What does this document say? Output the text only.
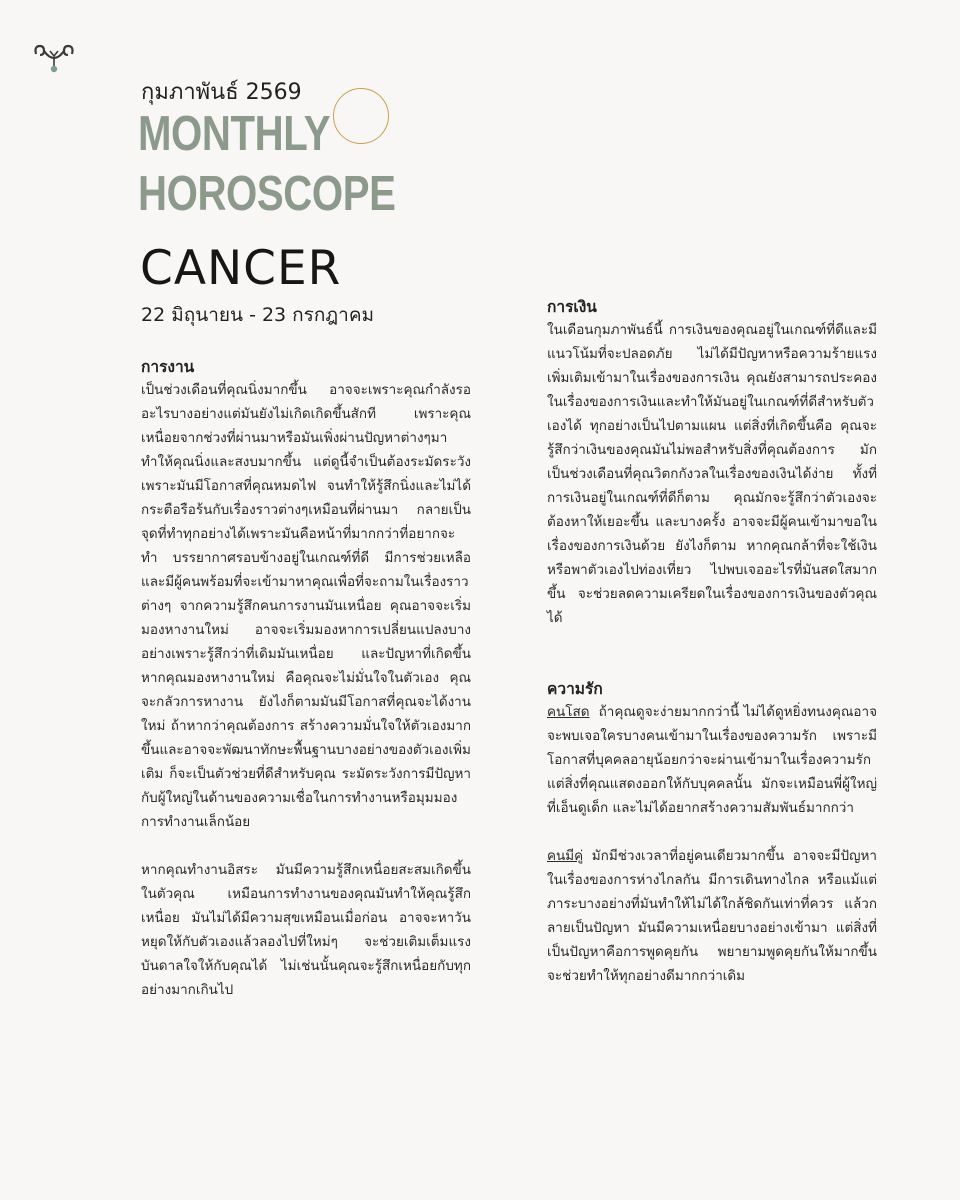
กุมภาพันธ์ 2569
MONTHLY
HOROSCOPE
CANCER
22 มิถุนายน - 23 กรกฎาคม
การงาน
เป็นช่วงเดือนที่คุณนิ่งมากขึ้น อาจจะเพราะคุณกำลังรออะไรบางอย่างแต่มันยังไม่เกิดเกิดขึ้นสักที เพราะคุณเหนื่อยจากช่วงที่ผ่านมาหรือมันเพิ่งผ่านปัญหาต่างๆมา ทำให้คุณนิ่งและสงบมากขึ้น แต่ดูนี้จำเป็นต้องระมัดระวัง เพราะมันมีโอกาสที่คุณหมดไฟ จนทำให้รู้สึกนิ่งและไม่ได้กระตือรือร้นกับเรื่องราวต่างๆเหมือนที่ผ่านมา กลายเป็นจุดที่ทำทุกอย่างได้เพราะมันคือหน้าที่มากกว่าที่อยากจะทำ บรรยากาศรอบข้างอยู่ในเกณฑ์ที่ดี มีการช่วยเหลือและมีผู้คนพร้อมที่จะเข้ามาหาคุณเพื่อที่จะถามในเรื่องราวต่างๆ จากความรู้สึกคนการงานมันเหนื่อย คุณอาจจะเริ่มมองหางานใหม่ อาจจะเริ่มมองหาการเปลี่ยนแปลงบางอย่างเพราะรู้สึกว่าที่เดิมมันเหนื่อย และปัญหาที่เกิดขึ้นหากคุณมองหางานใหม่ คือคุณจะไม่มั่นใจในตัวเอง คุณจะกลัวการหางาน ยังไงก็ตามมันมีโอกาสที่คุณจะได้งานใหม่ ถ้าหากว่าคุณต้องการ สร้างความมั่นใจให้ตัวเองมากขึ้นและอาจจะพัฒนาทักษะพื้นฐานบางอย่างของตัวเองเพิ่มเติม ก็จะเป็นตัวช่วยที่ดีสำหรับคุณ ระมัดระวังการมีปัญหากับผู้ใหญ่ในด้านของความเชื่อในการทำงานหรือมุมมองการทำงานเล็กน้อย
หากคุณทำงานอิสระ มันมีความรู้สึกเหนื่อยสะสมเกิดขึ้นในตัวคุณ เหมือนการทำงานของคุณมันทำให้คุณรู้สึกเหนื่อย มันไม่ได้มีความสุขเหมือนเมื่อก่อน อาจจะหาวันหยุดให้กับตัวเองแล้วลองไปที่ใหม่ๆ จะช่วยเติมเต็มแรงบันดาลใจให้กับคุณได้ ไม่เช่นนั้นคุณจะรู้สึกเหนื่อยกับทุกอย่างมากเกินไป
การเงิน
ในเดือนกุมภาพันธ์นี้ การเงินของคุณอยู่ในเกณฑ์ที่ดีและมีแนวโน้มที่จะปลอดภัย ไม่ได้มีปัญหาหรือความร้ายแรงเพิ่มเติมเข้ามาในเรื่องของการเงิน คุณยังสามารถประคองในเรื่องของการเงินและทำให้มันอยู่ในเกณฑ์ที่ดีสำหรับตัวเองได้ ทุกอย่างเป็นไปตามแผน แต่สิ่งที่เกิดขึ้นคือ คุณจะรู้สึกว่าเงินของคุณมันไม่พอสำหรับสิ่งที่คุณต้องการ มักเป็นช่วงเดือนที่คุณวิตกกังวลในเรื่องของเงินได้ง่าย ทั้งที่การเงินอยู่ในเกณฑ์ที่ดีก็ตาม คุณมักจะรู้สึกว่าตัวเองจะต้องหาให้เยอะขึ้น และบางครั้ง อาจจะมีผู้คนเข้ามาขอในเรื่องของการเงินด้วย ยังไงก็ตาม หากคุณกล้าที่จะใช้เงินหรือพาตัวเองไปท่องเที่ยว ไปพบเจออะไรที่มันสดใสมากขึ้น จะช่วยลดความเครียดในเรื่องของการเงินของตัวคุณได้
ความรัก
คนโสด ถ้าคุณดูจะง่ายมากกว่านี้ ไม่ได้ดูหยิ่งทนงคุณอาจจะพบเจอใครบางคนเข้ามาในเรื่องของความรัก เพราะมีโอกาสที่บุคคลอายุน้อยกว่าจะผ่านเข้ามาในเรื่องความรัก แต่สิ่งที่คุณแสดงออกให้กับบุคคลนั้น มักจะเหมือนพี่ผู้ใหญ่ที่เอ็นดูเด็ก และไม่ได้อยากสร้างความสัมพันธ์มากกว่า
คนมีคู่ มักมีช่วงเวลาที่อยู่คนเดียวมากขึ้น อาจจะมีปัญหาในเรื่องของการห่างไกลกัน มีการเดินทางไกล หรือแม้แต่ภาระบางอย่างที่มันทำให้ไม่ได้ใกล้ชิดกันเท่าที่ควร แล้วกลายเป็นปัญหา มันมีความเหนื่อยบางอย่างเข้ามา แต่สิ่งที่เป็นปัญหาคือการพูดคุยกัน พยายามพูดคุยกันให้มากขึ้น จะช่วยทำให้ทุกอย่างดีมากกว่าเดิม
